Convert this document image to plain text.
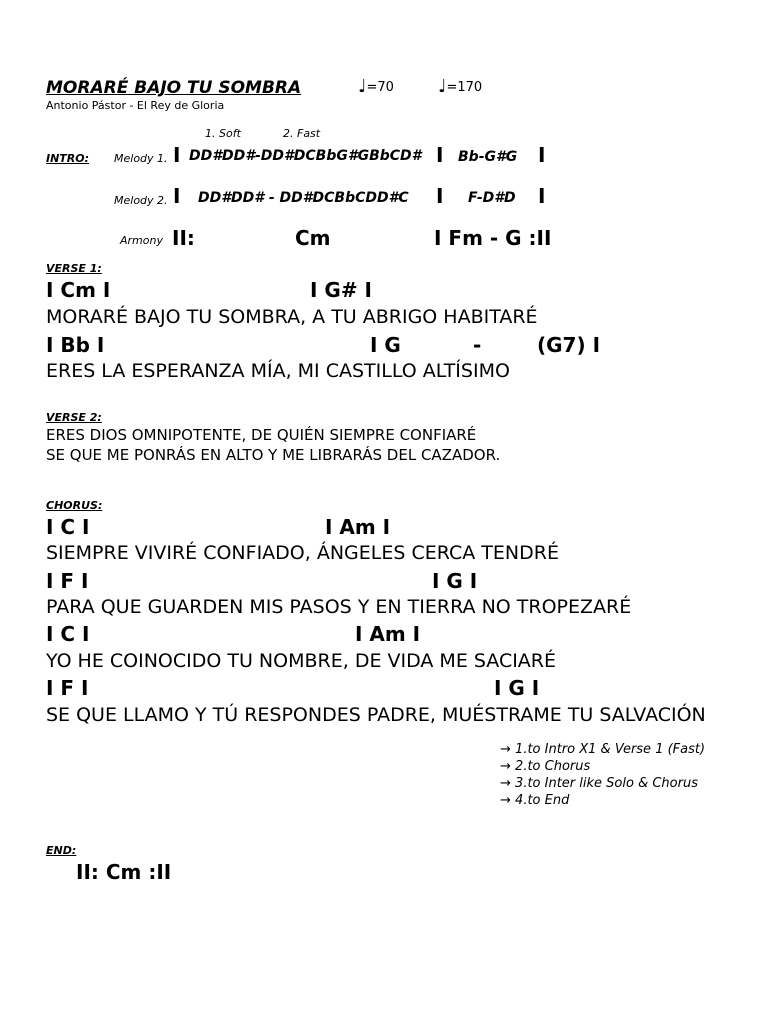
MORARÉ BAJO TU SOMBRA	♩=70 ♩=170
Antonio Pástor - El Rey de Gloria
1. Soft	2. Fast
INTRO: Melody 1. I DD#DD#-DD#DCBbG#GBbCD# I Bb-G#G I
Melody 2. I DD#DD# - DD#DCBbCDD#C I F-D#D I
Armony II:	Cm	I Fm - G :II
VERSE 1:
I Cm I	I G# I
MORARÉ BAJO TU SOMBRA, A TU ABRIGO HABITARÉ
I Bb I	I G	-	(G7) I
ERES LA ESPERANZA MÍA, MI CASTILLO ALTÍSIMO
VERSE 2:
ERES DIOS OMNIPOTENTE, DE QUIÉN SIEMPRE CONFIARÉ
SE QUE ME PONRÁS EN ALTO Y ME LIBRARÁS DEL CAZADOR.
CHORUS:
I C I	I Am I
SIEMPRE VIVIRÉ CONFIADO, ÁNGELES CERCA TENDRÉ
I F I	I G I
PARA QUE GUARDEN MIS PASOS Y EN TIERRA NO TROPEZARÉ
I C I	I Am I
YO HE COINOCIDO TU NOMBRE, DE VIDA ME SACIARÉ
I F I	I G I
SE QUE LLAMO Y TÚ RESPONDES PADRE, MUÉSTRAME TU SALVACIÓN
→ 1.to Intro X1 & Verse 1 (Fast)
→ 2.to Chorus
→ 3.to Inter like Solo & Chorus
→ 4.to End
END:
II: Cm :II
